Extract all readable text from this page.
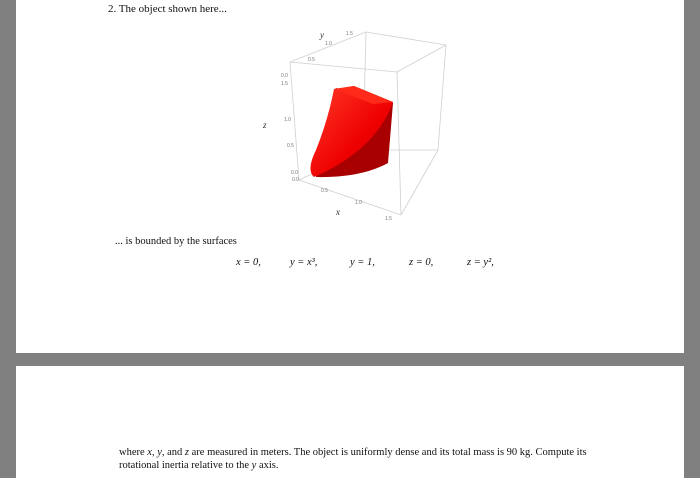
2. The object shown here...

y
z
x
0.5
1.0
1.5
0.0
1.5
1.0
0.5
0.0
0.0
0.5
1.0
1.5

... is bounded by the surfaces

x = 0,	y = x³,	y = 1,	z = 0,	z = y²,

where x, y, and z are measured in meters. The object is uniformly dense and its total mass is 90 kg. Compute its rotational inertia relative to the y axis.
